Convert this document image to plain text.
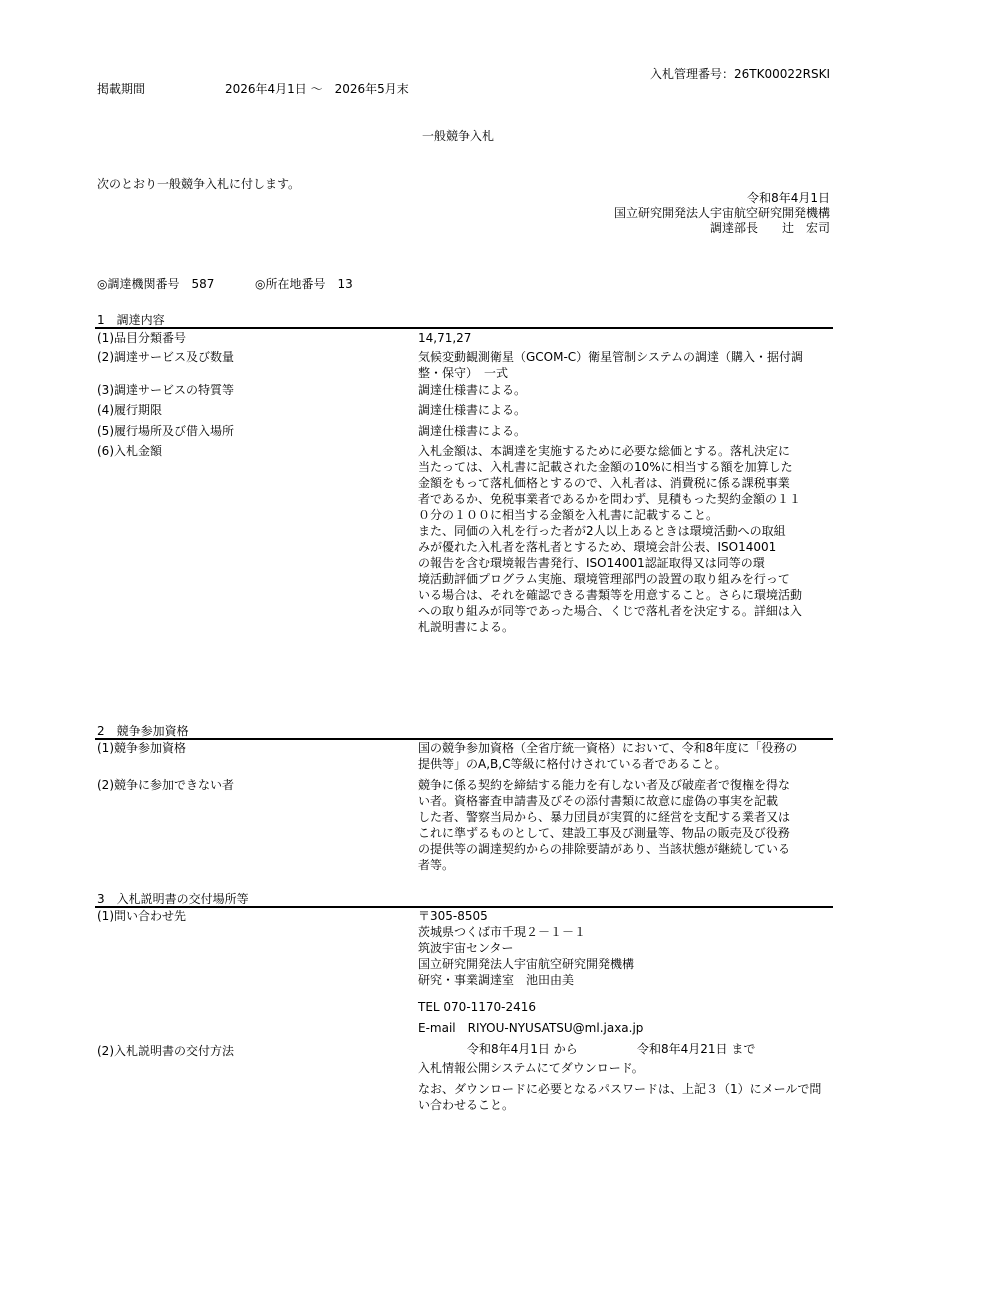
入札管理番号：26TK00022RSKI
掲載期間	2026年4月1日 ～　2026年5月末
一般競争入札
次のとおり一般競争入札に付します。
令和8年4月1日
国立研究開発法人宇宙航空研究開発機構
調達部長　　辻　宏司
◎調達機関番号　587	◎所在地番号　13
1　調達内容
(1)品目分類番号	14,71,27
(2)調達サービス及び数量	気候変動観測衛星（GCOM-C）衛星管制システムの調達（購入・据付調
整・保守）　一式
(3)調達サービスの特質等	調達仕様書による。
(4)履行期限	調達仕様書による。
(5)履行場所及び借入場所	調達仕様書による。
(6)入札金額	入札金額は、本調達を実施するために必要な総価とする。落札決定に
当たっては、入札書に記載された金額の10%に相当する額を加算した
金額をもって落札価格とするので、入札者は、消費税に係る課税事業
者であるか、免税事業者であるかを問わず、見積もった契約金額の１１
０分の１００に相当する金額を入札書に記載すること。
また、同価の入札を行った者が2人以上あるときは環境活動への取組
みが優れた入札者を落札者とするため、環境会計公表、ISO14001
の報告を含む環境報告書発行、ISO14001認証取得又は同等の環
境活動評価プログラム実施、環境管理部門の設置の取り組みを行って
いる場合は、それを確認できる書類等を用意すること。さらに環境活動
への取り組みが同等であった場合、くじで落札者を決定する。詳細は入
札説明書による。
2　競争参加資格
(1)競争参加資格	国の競争参加資格（全省庁統一資格）において、令和8年度に「役務の
提供等」のA,B,C等級に格付けされている者であること。
(2)競争に参加できない者	競争に係る契約を締結する能力を有しない者及び破産者で復権を得な
い者。資格審査申請書及びその添付書類に故意に虚偽の事実を記載
した者、警察当局から、暴力団員が実質的に経営を支配する業者又は
これに準ずるものとして、建設工事及び測量等、物品の販売及び役務
の提供等の調達契約からの排除要請があり、当該状態が継続している
者等。
3　入札説明書の交付場所等
(1)問い合わせ先	〒305-8505
茨城県つくば市千現２－１－１
筑波宇宙センター
国立研究開発法人宇宙航空研究開発機構
研究・事業調達室　池田由美
TEL 070-1170-2416
E-mail　RIYOU-NYUSATSU@ml.jaxa.jp
(2)入札説明書の交付方法	令和8年4月1日 から	令和8年4月21日 まで
入札情報公開システムにてダウンロード。
なお、ダウンロードに必要となるパスワードは、上記３（1）にメールで問
い合わせること。
